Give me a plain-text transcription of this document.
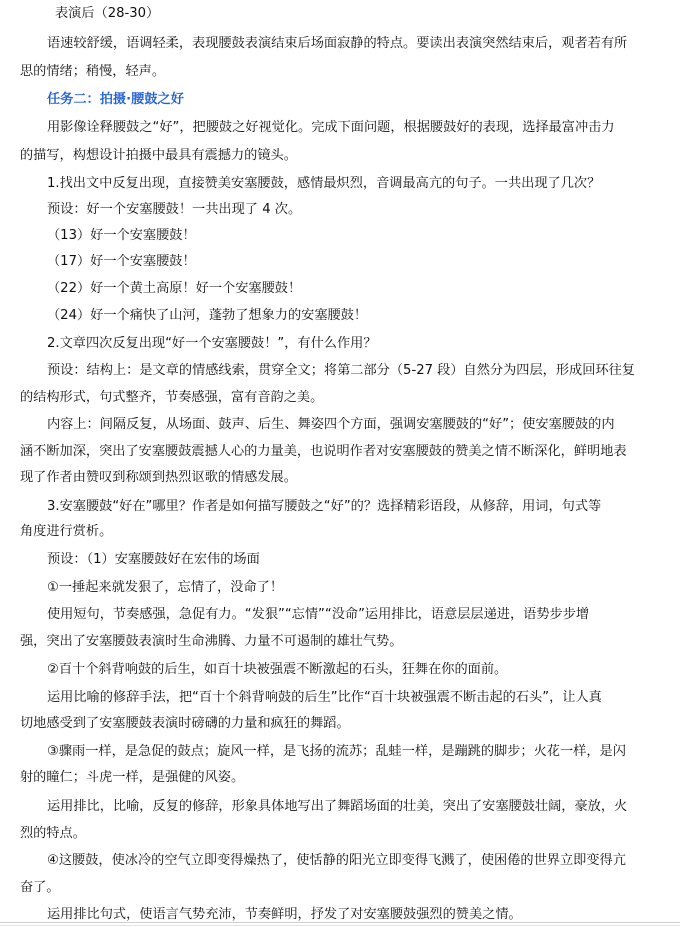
表演后（28-30）
语速较舒缓，语调轻柔，表现腰鼓表演结束后场面寂静的特点。要读出表演突然结束后，观者若有所
思的情绪；稍慢，轻声。
任务二：拍摄·腰鼓之好
用影像诠释腰鼓之“好”，把腰鼓之好视觉化。完成下面问题，根据腰鼓好的表现，选择最富冲击力
的描写，构想设计拍摄中最具有震撼力的镜头。
1.找出文中反复出现，直接赞美安塞腰鼓，感情最炽烈，音调最高亢的句子。一共出现了几次？
预设：好一个安塞腰鼓！一共出现了 4 次。
（13）好一个安塞腰鼓！
（17）好一个安塞腰鼓！
（22）好一个黄土高原！好一个安塞腰鼓！
（24）好一个痛快了山河，蓬勃了想象力的安塞腰鼓！
2.文章四次反复出现“好一个安塞腰鼓！”，有什么作用？
预设：结构上：是文章的情感线索，贯穿全文；将第二部分（5-27 段）自然分为四层，形成回环往复
的结构形式，句式整齐，节奏感强，富有音韵之美。
内容上：间隔反复，从场面、鼓声、后生、舞姿四个方面，强调安塞腰鼓的“好”；使安塞腰鼓的内
涵不断加深，突出了安塞腰鼓震撼人心的力量美，也说明作者对安塞腰鼓的赞美之情不断深化，鲜明地表
现了作者由赞叹到称颂到热烈讴歌的情感发展。
3.安塞腰鼓“好在”哪里？作者是如何描写腰鼓之“好”的？选择精彩语段，从修辞，用词，句式等
角度进行赏析。
预设：（1）安塞腰鼓好在宏伟的场面
①一捶起来就发狠了，忘情了，没命了！
使用短句，节奏感强，急促有力。“发狠”“忘情”“没命”运用排比，语意层层递进，语势步步增
强，突出了安塞腰鼓表演时生命沸腾、力量不可遏制的雄壮气势。
②百十个斜背响鼓的后生，如百十块被强震不断激起的石头，狂舞在你的面前。
运用比喻的修辞手法，把“百十个斜背响鼓的后生”比作“百十块被强震不断击起的石头”，让人真
切地感受到了安塞腰鼓表演时磅礴的力量和疯狂的舞蹈。
③骤雨一样，是急促的鼓点；旋风一样，是飞扬的流苏；乱蛙一样，是蹦跳的脚步；火花一样，是闪
射的瞳仁；斗虎一样，是强健的风姿。
运用排比，比喻，反复的修辞，形象具体地写出了舞蹈场面的壮美，突出了安塞腰鼓壮阔，豪放，火
烈的特点。
④这腰鼓，使冰冷的空气立即变得燥热了，使恬静的阳光立即变得飞溅了，使困倦的世界立即变得亢
奋了。
运用排比句式，使语言气势充沛，节奏鲜明，抒发了对安塞腰鼓强烈的赞美之情。
